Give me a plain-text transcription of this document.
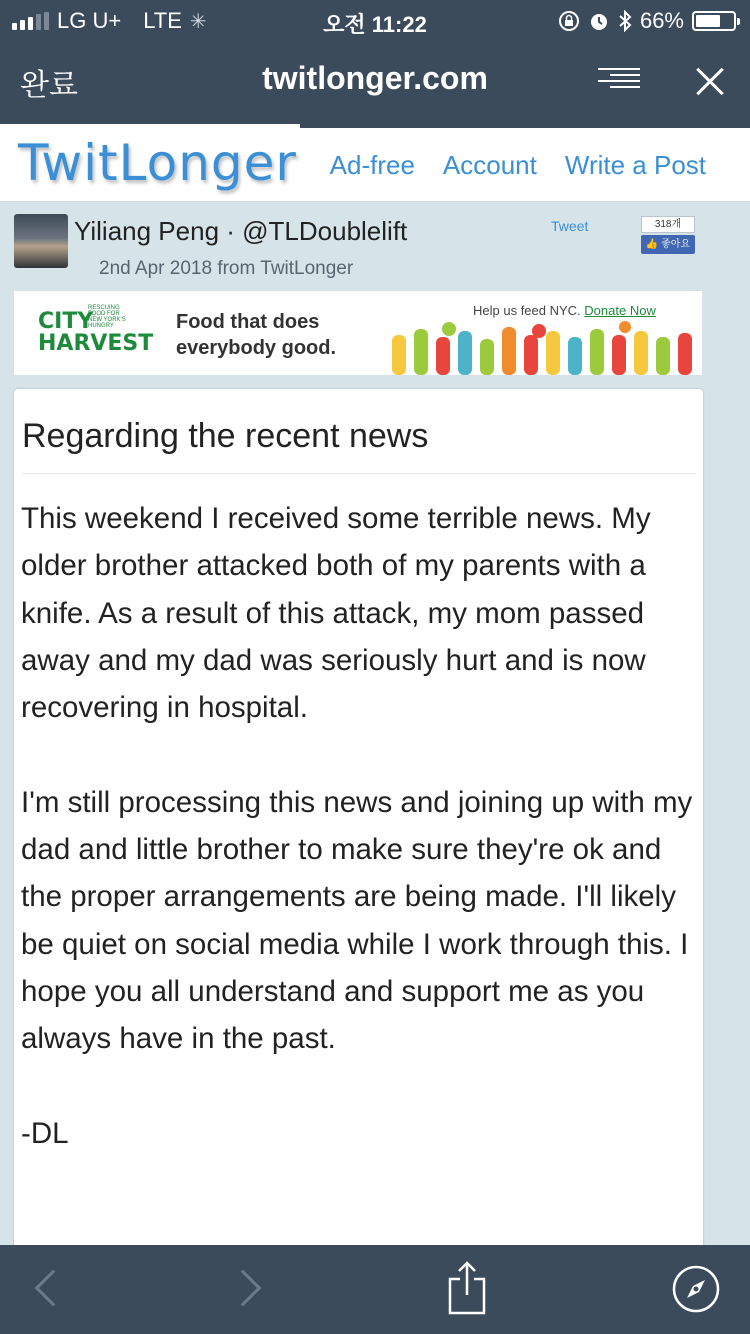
LG U+ LTE ✳	오전 11:22	66%
완료	twitlonger.com
TwitLonger Ad-free Account Write a Post
Yiliang Peng · @TLDoublelift
2nd Apr 2018 from TwitLonger
Tweet	318개
👍 좋아요
CITY
HARVEST
RESCUING FOOD FOR NEW YORK'S HUNGRY	Food that does
everybody good.
Help us feed NYC. Donate Now
Regarding the recent news

This weekend I received some terrible news. My older brother attacked both of my parents with a knife. As a result of this attack, my mom passed away and my dad was seriously hurt and is now recovering in hospital.

I'm still processing this news and joining up with my dad and little brother to make sure they're ok and the proper arrangements are being made. I'll likely be quiet on social media while I work through this. I hope you all understand and support me as you always have in the past.

-DL
